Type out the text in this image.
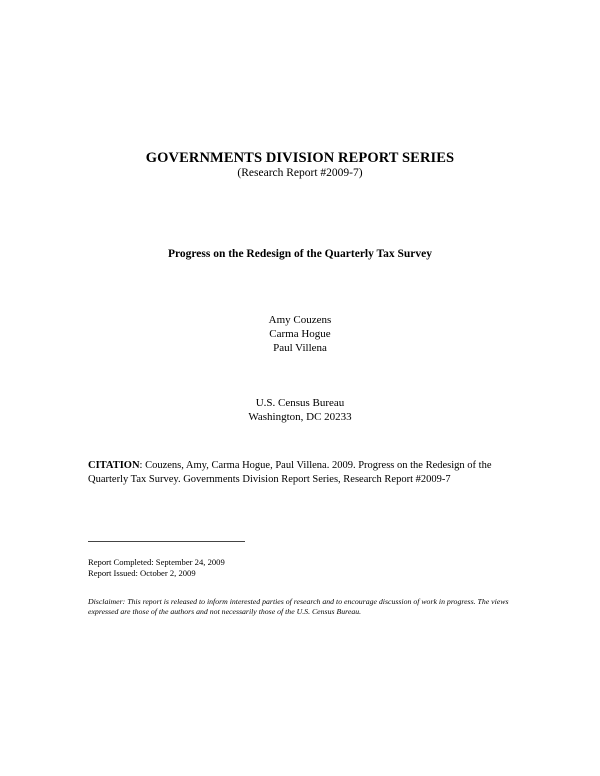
GOVERNMENTS DIVISION REPORT SERIES
(Research Report #2009-7)
Progress on the Redesign of the Quarterly Tax Survey
Amy Couzens
Carma Hogue
Paul Villena
U.S. Census Bureau
Washington, DC 20233
CITATION: Couzens, Amy, Carma Hogue, Paul Villena. 2009. Progress on the Redesign of the Quarterly Tax Survey. Governments Division Report Series, Research Report #2009-7
Report Completed: September 24, 2009
Report Issued: October 2, 2009
Disclaimer: This report is released to inform interested parties of research and to encourage discussion of work in progress. The views expressed are those of the authors and not necessarily those of the U.S. Census Bureau.
